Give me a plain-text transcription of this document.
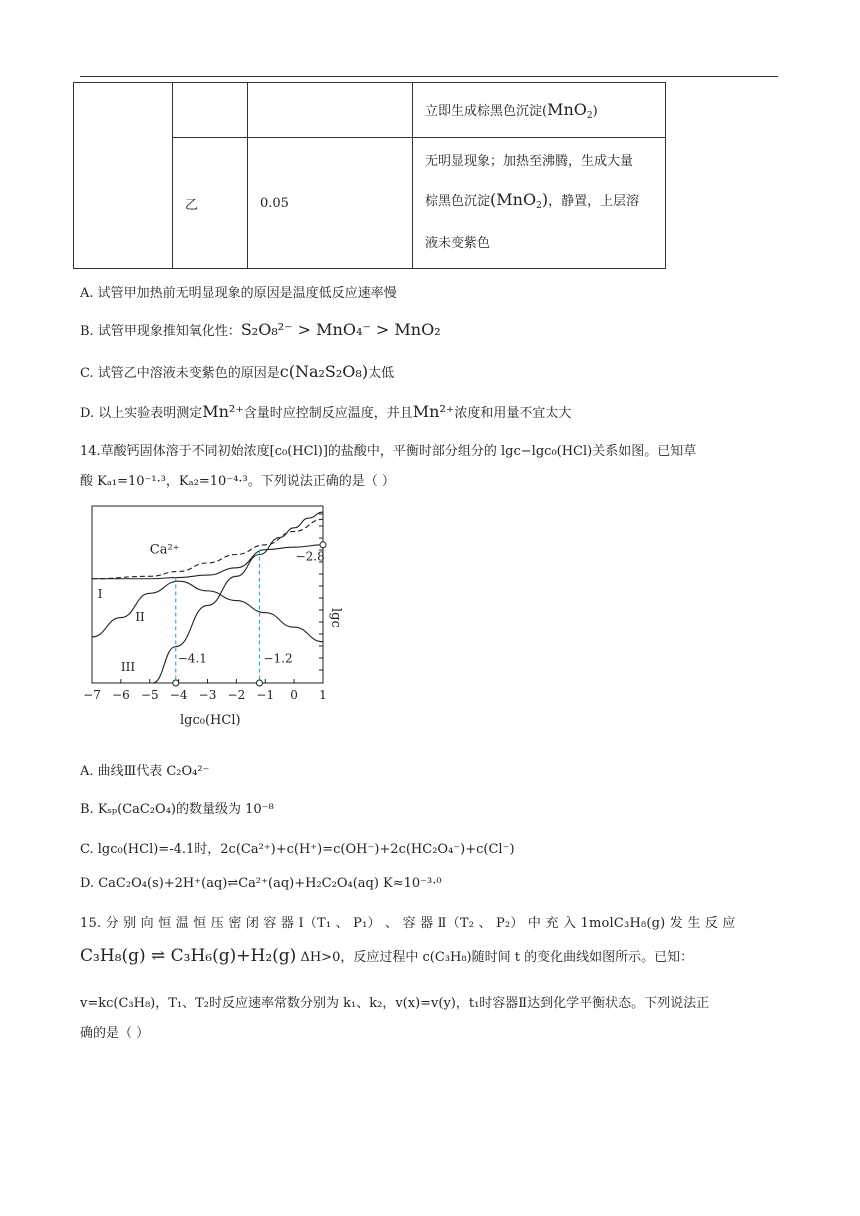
			立即生成棕黑色沉淀(MnO$_2$)
	乙	0.05	无明显现象；加热至沸腾，生成大量

棕黑色沉淀(MnO$_2$)，静置，上层溶

液未变紫色

A. 试管甲加热前无明显现象的原因是温度低反应速率慢
B. 试管甲现象推知氧化性：S₂O₈²⁻ > MnO₄⁻ > MnO₂
C. 试管乙中溶液未变紫色的原因是c(Na₂S₂O₈)太低
D. 以上实验表明测定Mn²⁺含量时应控制反应温度，并且Mn²⁺浓度和用量不宜太大
14.草酸钙固体溶于不同初始浓度[c₀(HCl)]的盐酸中，平衡时部分组分的 lgc−lgc₀(HCl)关系如图。已知草
酸 Kₐ₁=10⁻¹·³，Kₐ₂=10⁻⁴·³。下列说法正确的是（ ）
−7 −6 −5 −4 −3 −2 −1 0 1
Ca²⁺
I
II
III
lgc
lgc₀(HCl)
−4.1	−1.2
−2.8
A. 曲线Ⅲ代表 C₂O₄²⁻
B. Kₛₚ(CaC₂O₄)的数量级为 10⁻⁸
C. lgc₀(HCl)=-4.1时，2c(Ca²⁺)+c(H⁺)=c(OH⁻)+2c(HC₂O₄⁻)+c(Cl⁻)
D. CaC₂O₄(s)+2H⁺(aq)⇌Ca²⁺(aq)+H₂C₂O₄(aq) K≈10⁻³·⁰
15. 分 别 向 恒 温 恒 压 密 闭 容 器 Ⅰ（T₁ 、 P₁） 、 容 器 Ⅱ（T₂ 、 P₂） 中 充 入 1molC₃H₈(g) 发 生 反 应
C₃H₈(g) ⇌ C₃H₆(g)+H₂(g) ΔH>0，反应过程中 c(C₃H₈)随时间 t 的变化曲线如图所示。已知：
v=kc(C₃H₈)，T₁、T₂时反应速率常数分别为 k₁、k₂，v(x)=v(y)，t₁时容器Ⅱ达到化学平衡状态。下列说法正
确的是（ ）
